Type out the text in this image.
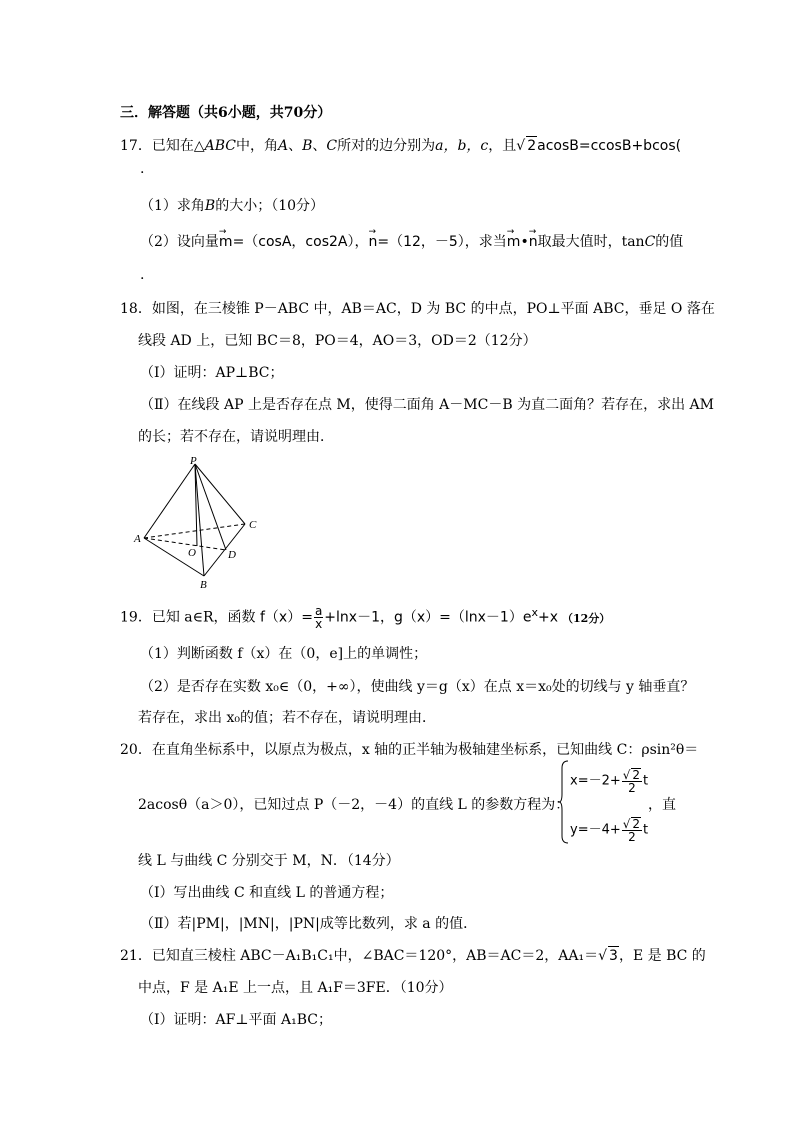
三．解答题（共6小题，共70分）
17．已知在△ABC中，角A、B、C所对的边分别为a，b，c，且√ 2acosB=ccosB+bcos(
.
（1）求角B的大小；（10分）
（2）设向量→ m=（cosA，cos2A），→ n=（12，－5），求当→ m•→ n取最大值时，tanC的值
.
18．如图，在三棱锥 P－ABC 中，AB＝AC，D 为 BC 的中点，PO⊥平面 ABC，垂足 O 落在
线段 AD 上，已知 BC＝8，PO＝4，AO＝3，OD＝2（12分）
（Ⅰ）证明：AP⊥BC；
（Ⅱ）在线段 AP 上是否存在点 M，使得二面角 A－MC－B 为直二面角？若存在，求出 AM
的长；若不存在，请说明理由．
P
A
C
O	D
B
19．已知 a∈R，函数 $f(x)= \frac{a}{x} +\ln x-1$，$g(x)=(\ln x-1)e^x+x$ （12分）
（1）判断函数 f（x）在（0，e]上的单调性；
（2）是否存在实数 x₀∈（0，+∞），使曲线 y＝g（x）在点 x＝x₀处的切线与 y 轴垂直？
若存在，求出 x₀的值；若不存在，请说明理由．
20．在直角坐标系中，以原点为极点，x 轴的正半轴为极轴建坐标系，已知曲线 C：ρsin²θ＝
2acosθ（a＞0），已知过点 P（－2，－4）的直线 L 的参数方程为：
$x=-2+ \frac{√ 2}{2}$ t
$y=-4+ \frac{√ 2}{2}$ t
，直
线 L 与曲线 C 分别交于 M，N．（14分）
（Ⅰ）写出曲线 C 和直线 L 的普通方程；
（Ⅱ）若|PM|，|MN|，|PN|成等比数列，求 a 的值．
21．已知直三棱柱 ABC－A₁B₁C₁中，∠BAC＝120°，AB＝AC＝2，AA₁＝√ 3，E 是 BC 的
中点，F 是 A₁E 上一点，且 A₁F＝3FE．（10分）
（Ⅰ）证明：AF⊥平面 A₁BC；
